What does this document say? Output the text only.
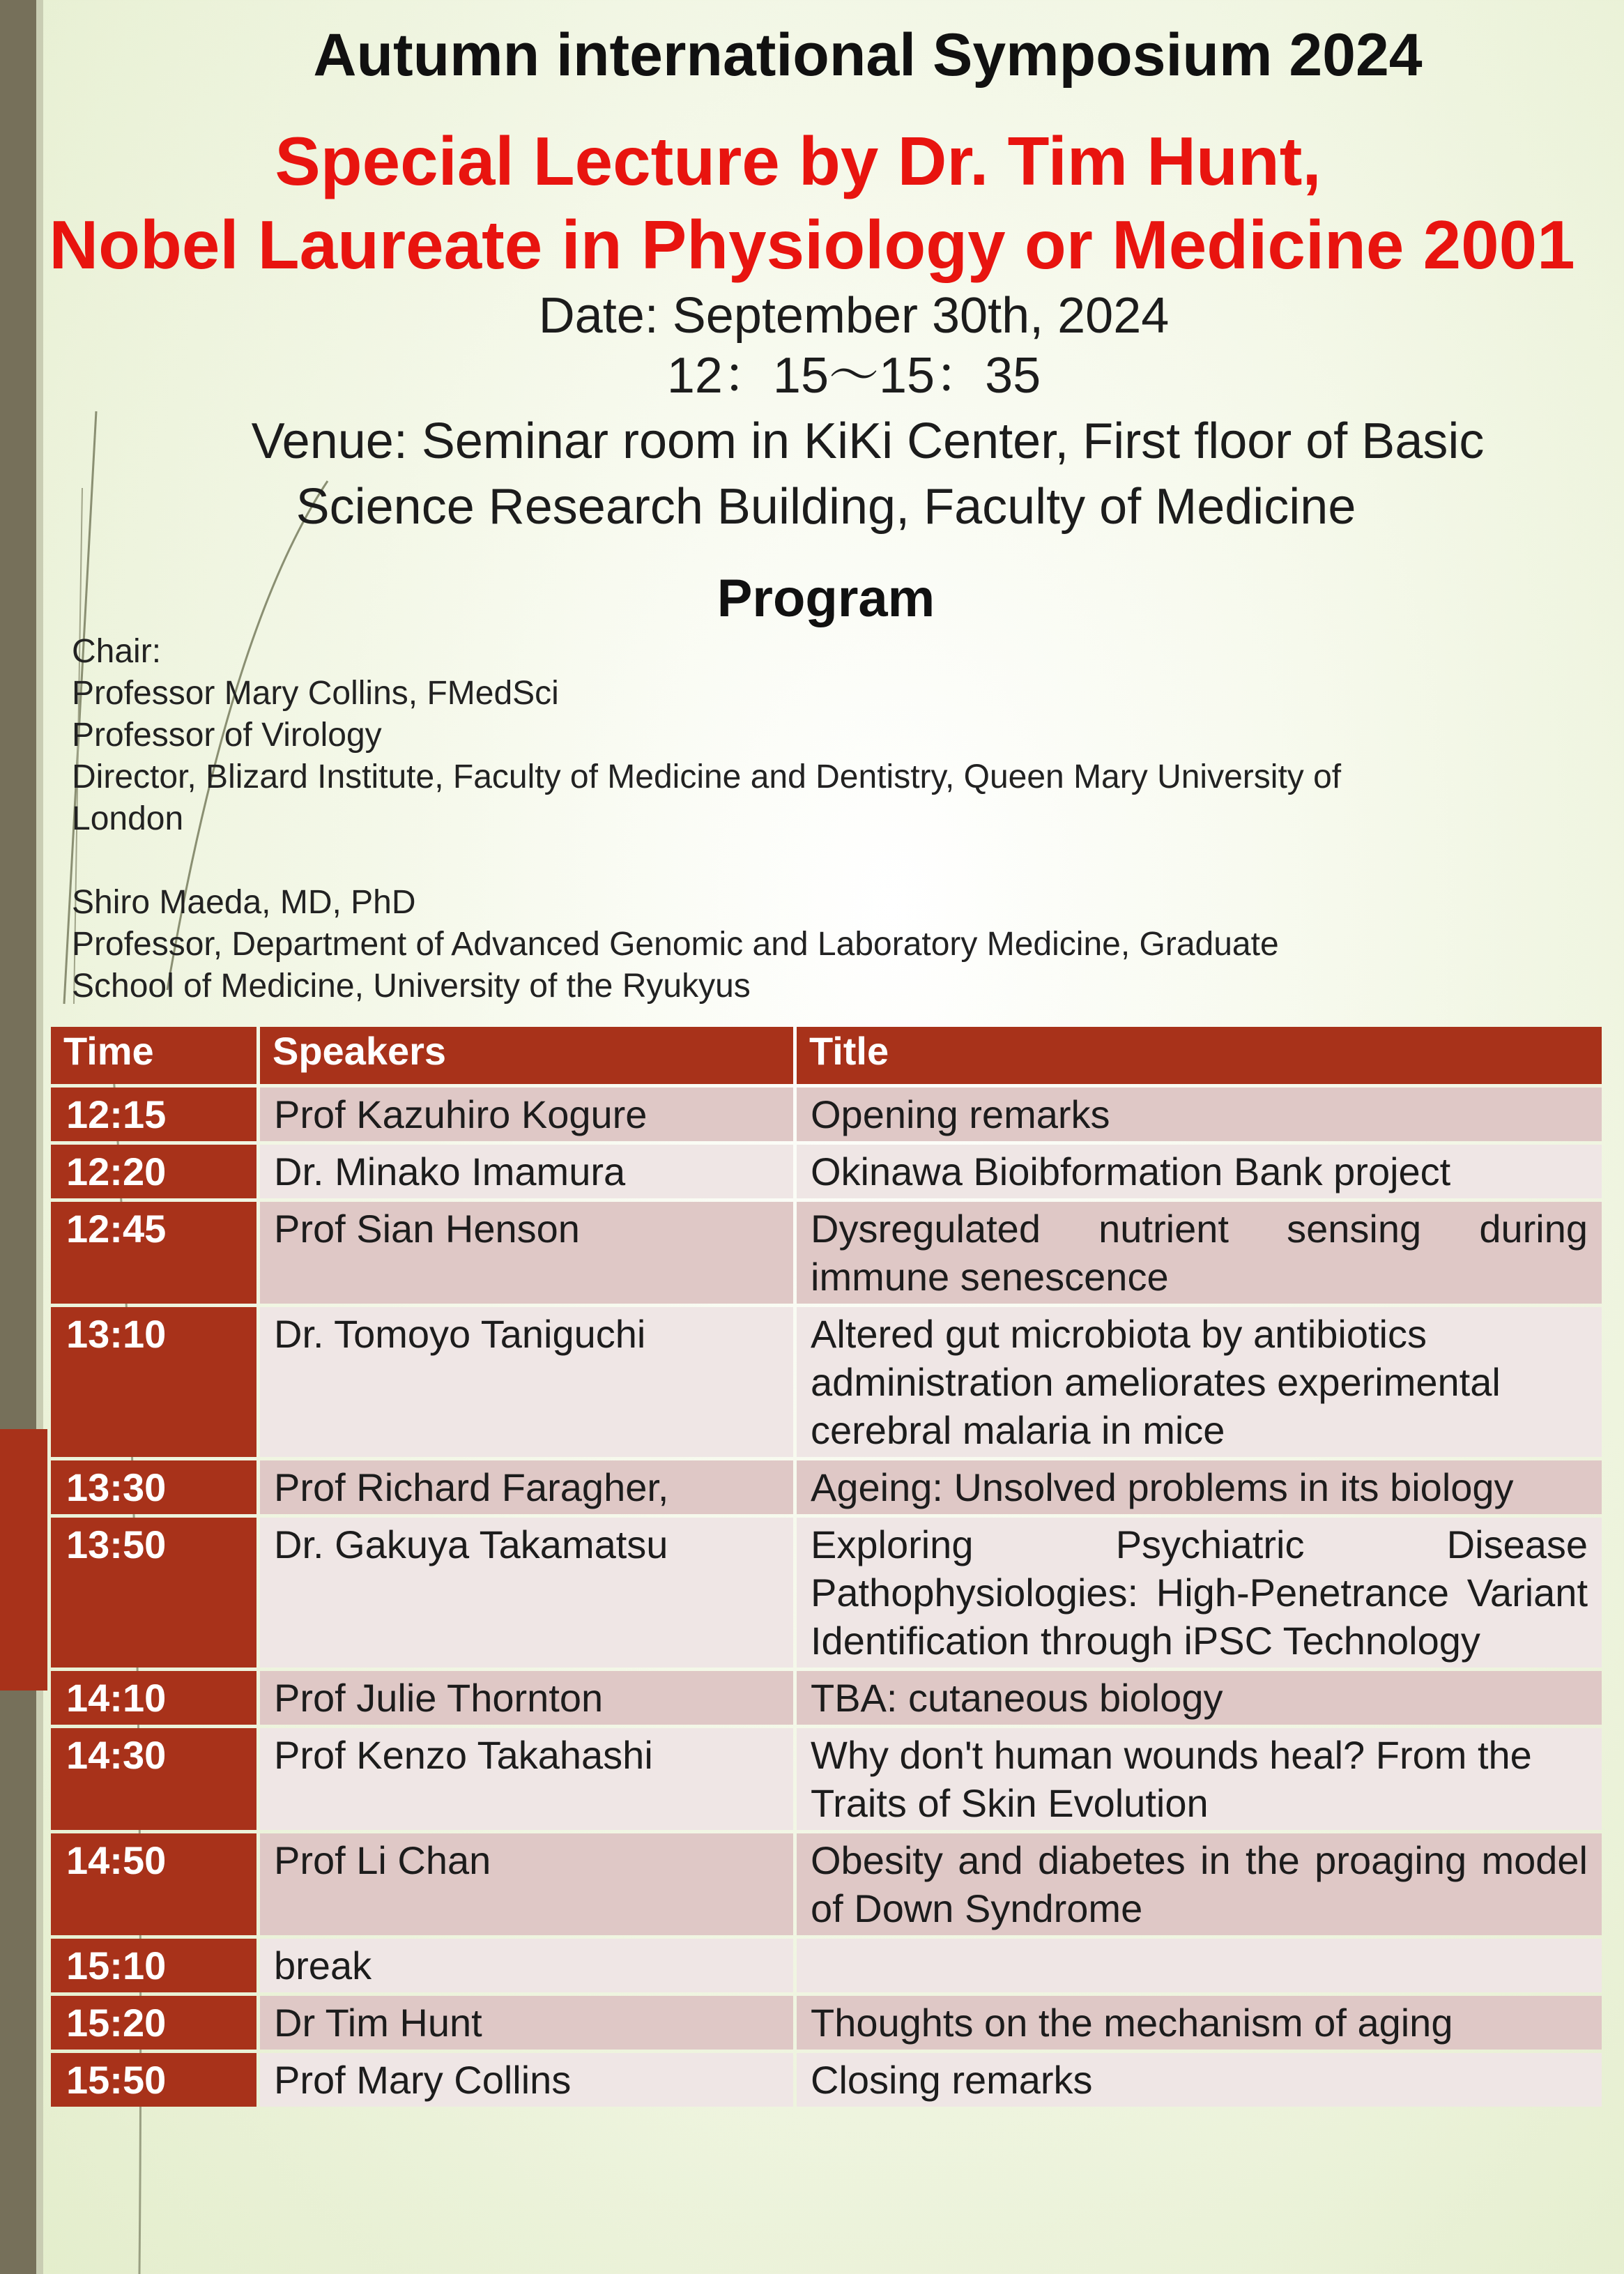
Autumn international Symposium 2024
Special Lecture by Dr. Tim Hunt,
Nobel Laureate in Physiology or Medicine 2001
Date: September 30th, 2024
12：15～15：35
Venue: Seminar room in KiKi Center, First floor of Basic
Science Research Building, Faculty of Medicine
Program
Chair:
Professor Mary Collins, FMedSci
Professor of Virology
Director, Blizard Institute, Faculty of Medicine and Dentistry, Queen Mary University of
London
Shiro Maeda, MD, PhD
Professor, Department of Advanced Genomic and Laboratory Medicine, Graduate
School of Medicine, University of the Ryukyus
Time	Speakers	Title
12:15	Prof Kazuhiro Kogure	Opening remarks
12:20	Dr. Minako Imamura	Okinawa Bioibformation Bank project
12:45	Prof Sian Henson	Dysregulated nutrient sensing during immune senescence
13:10	Dr. Tomoyo Taniguchi	Altered gut microbiota by antibiotics administration ameliorates experimental cerebral malaria in mice
13:30	Prof Richard Faragher,	Ageing: Unsolved problems in its biology
13:50	Dr. Gakuya Takamatsu	Exploring Psychiatric Disease Pathophysiologies: High-Penetrance Variant Identification through iPSC Technology
14:10	Prof Julie Thornton	TBA: cutaneous biology
14:30	Prof Kenzo Takahashi	Why don't human wounds heal? From the Traits of Skin Evolution
14:50	Prof Li Chan	Obesity and diabetes in the proaging model of Down Syndrome
15:10	break	
15:20	Dr Tim Hunt	Thoughts on the mechanism of aging
15:50	Prof Mary Collins	Closing remarks
